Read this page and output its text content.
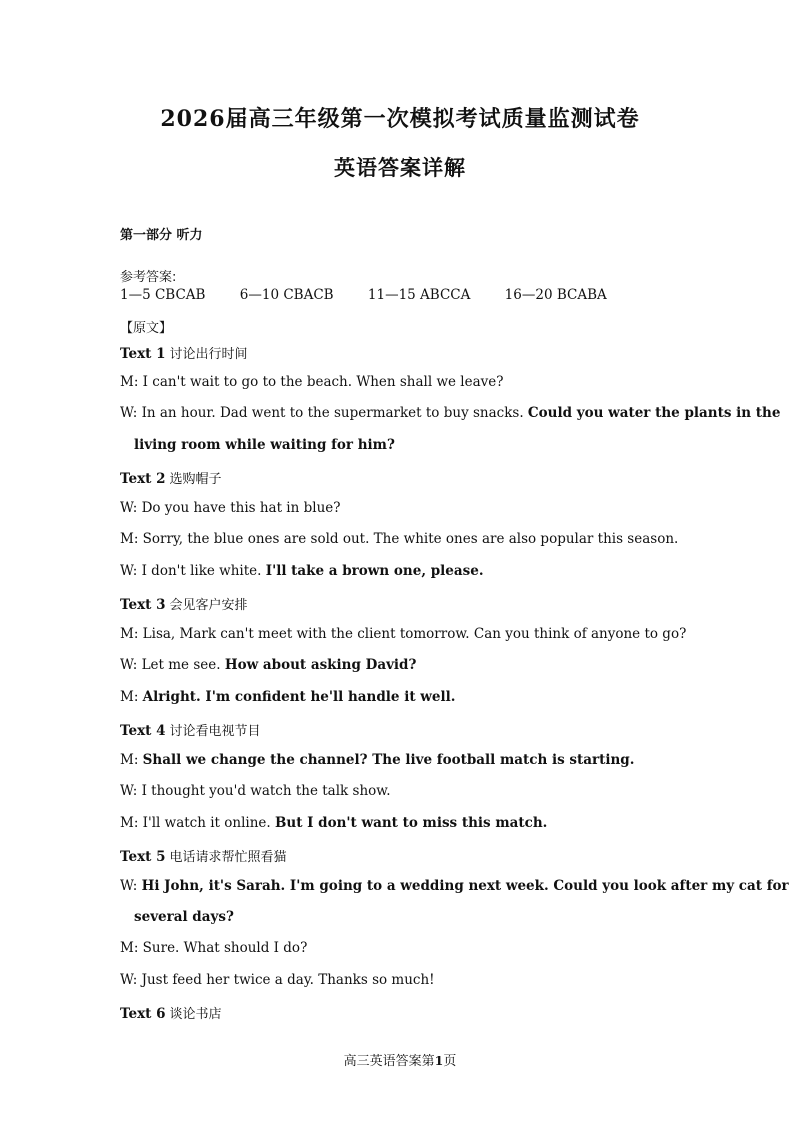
2026届高三年级第一次模拟考试质量监测试卷
英语答案详解
第一部分 听力
参考答案:
1—5 CBCAB	6—10 CBACB	11—15 ABCCA	16—20 BCABA
【原文】
Text 1 讨论出行时间
M: I can't wait to go to the beach. When shall we leave?
W: In an hour. Dad went to the supermarket to buy snacks. Could you water the plants in the
living room while waiting for him?
Text 2 选购帽子
W: Do you have this hat in blue?
M: Sorry, the blue ones are sold out. The white ones are also popular this season.
W: I don't like white. I'll take a brown one, please.
Text 3 会见客户安排
M: Lisa, Mark can't meet with the client tomorrow. Can you think of anyone to go?
W: Let me see. How about asking David?
M: Alright. I'm confident he'll handle it well.
Text 4 讨论看电视节目
M: Shall we change the channel? The live football match is starting.
W: I thought you'd watch the talk show.
M: I'll watch it online. But I don't want to miss this match.
Text 5 电话请求帮忙照看猫
W: Hi John, it's Sarah. I'm going to a wedding next week. Could you look after my cat for
several days?
M: Sure. What should I do?
W: Just feed her twice a day. Thanks so much!
Text 6 谈论书店
高三英语答案第1页
